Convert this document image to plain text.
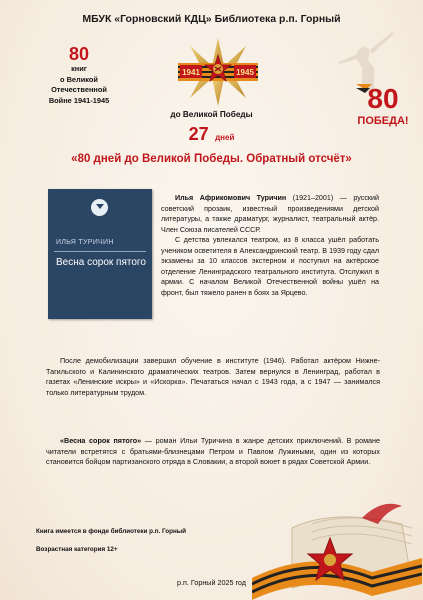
МБУК «Горновский КДЦ» Библиотека р.п. Горный
80
книг
о Великой
Отечественной
Войне 1941-1945
1941	1945
80
ПОБЕДА!
до Великой Победы
27 дней
«80 дней до Великой Победы. Обратный отсчёт»
ИЛЬЯ ТУРИЧИН
Весна сорок пятого

Илья Африкомович Туричин (1921–2001) — русский советский прозаик, известный произведениями детской литературы, а также драматург, журналист, театральный актёр. Член Союза писателей СССР.

С детства увлекался театром, из 8 класса ушёл работать учеником осветителя в Александринский театр. В 1939 году сдал экзамены за 10 классов экстерном и поступил на актёрское отделение Ленинградского театрального института. Отслужил в армии. С началом Великой Отечественной войны ушёл на фронт, был тяжело ранен в боях за Ярцево.

После демобилизации завершил обучение в институте (1946). Работал актёром Нижне-Тагильского и Калининского драматических театров. Затем вернулся в Ленинград, работал в газетах «Ленинские искры» и «Искорка». Печататься начал с 1943 года, а с 1947 — занимался только литературным трудом.

«Весна сорок пятого» — роман Ильи Туричина в жанре детских приключений. В романе читатели встретятся с братьями-близнецами Петром и Павлом Лужиными, один из которых становится бойцом партизанского отряда в Словакии, а второй воюет в рядах Советской Армии.

Книга имеется в фонде библиотеки р.п. Горный
Возрастная категория 12+
р.п. Горный 2025 год
